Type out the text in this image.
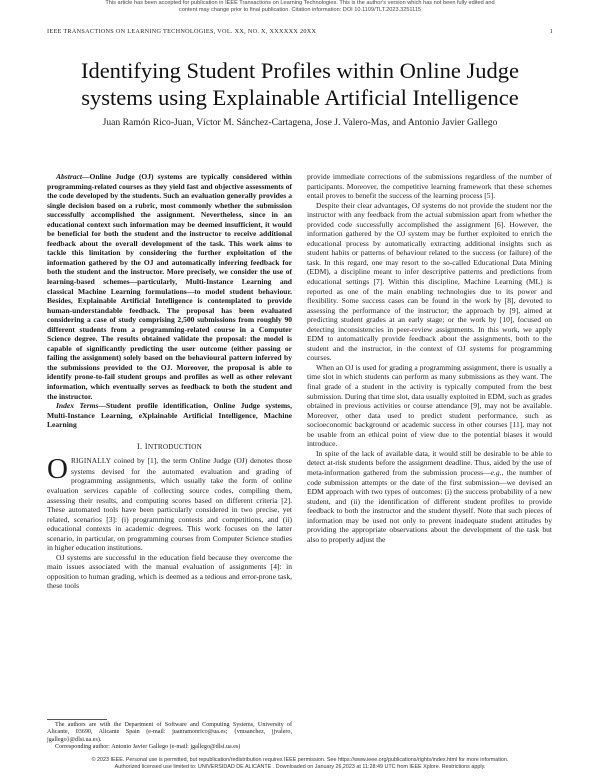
This article has been accepted for publication in IEEE Transactions on Learning Technologies. This is the author's version which has not been fully edited and
content may change prior to final publication. Citation information: DOI 10.1109/TLT.2023.3251115
IEEE TRANSACTIONS ON LEARNING TECHNOLOGIES, VOL. XX, NO. X, XXXXXX 20XX	1
Identifying Student Profiles within Online Judge
systems using Explainable Artificial Intelligence
Juan Ramón Rico-Juan, Víctor M. Sánchez-Cartagena, Jose J. Valero-Mas, and Antonio Javier Gallego

Abstract—Online Judge (OJ) systems are typically considered within programming-related courses as they yield fast and objective assessments of the code developed by the students. Such an evaluation generally provides a single decision based on a rubric, most commonly whether the submission successfully accomplished the assignment. Nevertheless, since in an educational context such information may be deemed insufficient, it would be beneficial for both the student and the instructor to receive additional feedback about the overall development of the task. This work aims to tackle this limitation by considering the further exploitation of the information gathered by the OJ and automatically inferring feedback for both the student and the instructor. More precisely, we consider the use of learning-based schemes—particularly, Multi-Instance Learning and classical Machine Learning formulations—to model student behaviour. Besides, Explainable Artificial Intelligence is contemplated to provide human-understandable feedback. The proposal has been evaluated considering a case of study comprising 2,500 submissions from roughly 90 different students from a programming-related course in a Computer Science degree. The results obtained validate the proposal: the model is capable of significantly predicting the user outcome (either passing or failing the assignment) solely based on the behavioural pattern inferred by the submissions provided to the OJ. Moreover, the proposal is able to identify prone-to-fail student groups and profiles as well as other relevant information, which eventually serves as feedback to both the student and the instructor.

Index Terms—Student profile identification, Online Judge systems, Multi-Instance Learning, eXplainable Artificial Intelligence, Machine Learning

I. INTRODUCTION

ORIGINALLY coined by [1], the term Online Judge (OJ) denotes those systems devised for the automated evaluation and grading of programming assignments, which usually take the form of online evaluation services capable of collecting source codes, compiling them, assessing their results, and computing scores based on different criteria [2]. These automated tools have been particularly considered in two precise, yet related, scenarios [3]: (i) programming contests and competitions, and (ii) educational contexts in academic degrees. This work focuses on the latter scenario, in particular, on programming courses from Computer Science studies in higher education institutions.

OJ systems are successful in the education field because they overcome the main issues associated with the manual evaluation of assignments [4]: in opposition to human grading, which is deemed as a tedious and error-prone task, these tools

The authors are with the Department of Software and Computing Systems, University of Alicante, 03690, Alicante Spain (e-mail: juanramonrico@ua.es; {vmsanchez, jjvalero, jgallego}@dlsi.ua.es).

Corresponding author: Antonio Javier Gallego (e-mail: jgallego@dlsi.ua.es)

provide immediate corrections of the submissions regardless of the number of participants. Moreover, the competitive learning framework that these schemes entail proves to benefit the success of the learning process [5].

Despite their clear advantages, OJ systems do not provide the student nor the instructor with any feedback from the actual submission apart from whether the provided code successfully accomplished the assignment [6]. However, the information gathered by the OJ system may be further exploited to enrich the educational process by automatically extracting additional insights such as student habits or patterns of behaviour related to the success (or failure) of the task. In this regard, one may resort to the so-called Educational Data Mining (EDM), a discipline meant to infer descriptive patterns and predictions from educational settings [7]. Within this discipline, Machine Learning (ML) is reported as one of the main enabling technologies due to its power and flexibility. Some success cases can be found in the work by [8], devoted to assessing the performance of the instructor; the approach by [9], aimed at predicting student grades at an early stage; or the work by [10], focused on detecting inconsistencies in peer-review assignments. In this work, we apply EDM to automatically provide feedback about the assignments, both to the student and the instructor, in the context of OJ systems for programming courses.

When an OJ is used for grading a programming assignment, there is usually a time slot in which students can perform as many submissions as they want. The final grade of a student in the activity is typically computed from the best submission. During that time slot, data usually exploited in EDM, such as grades obtained in previous activities or course attendance [9], may not be available. Moreover, other data used to predict student performance, such as socioeconomic background or academic success in other courses [11], may not be usable from an ethical point of view due to the potential biases it would introduce.

In spite of the lack of available data, it would still be desirable to be able to detect at-risk students before the assignment deadline. Thus, aided by the use of meta-information gathered from the submission process—e.g., the number of code submission attempts or the date of the first submission—we devised an EDM approach with two types of outcomes: (i) the success probability of a new student, and (ii) the identification of different student profiles to provide feedback to both the instructor and the student thyself. Note that such pieces of information may be used not only to prevent inadequate student attitudes by providing the appropriate observations about the development of the task but also to properly adjust the

© 2023 IEEE. Personal use is permitted, but republication/redistribution requires IEEE permission. See https://www.ieee.org/publications/rights/index.html for more information.
Authorized licensed use limited to: UNIVERSIDAD DE ALICANTE . Downloaded on January 26,2023 at 11:28:49 UTC from IEEE Xplore. Restrictions apply.
